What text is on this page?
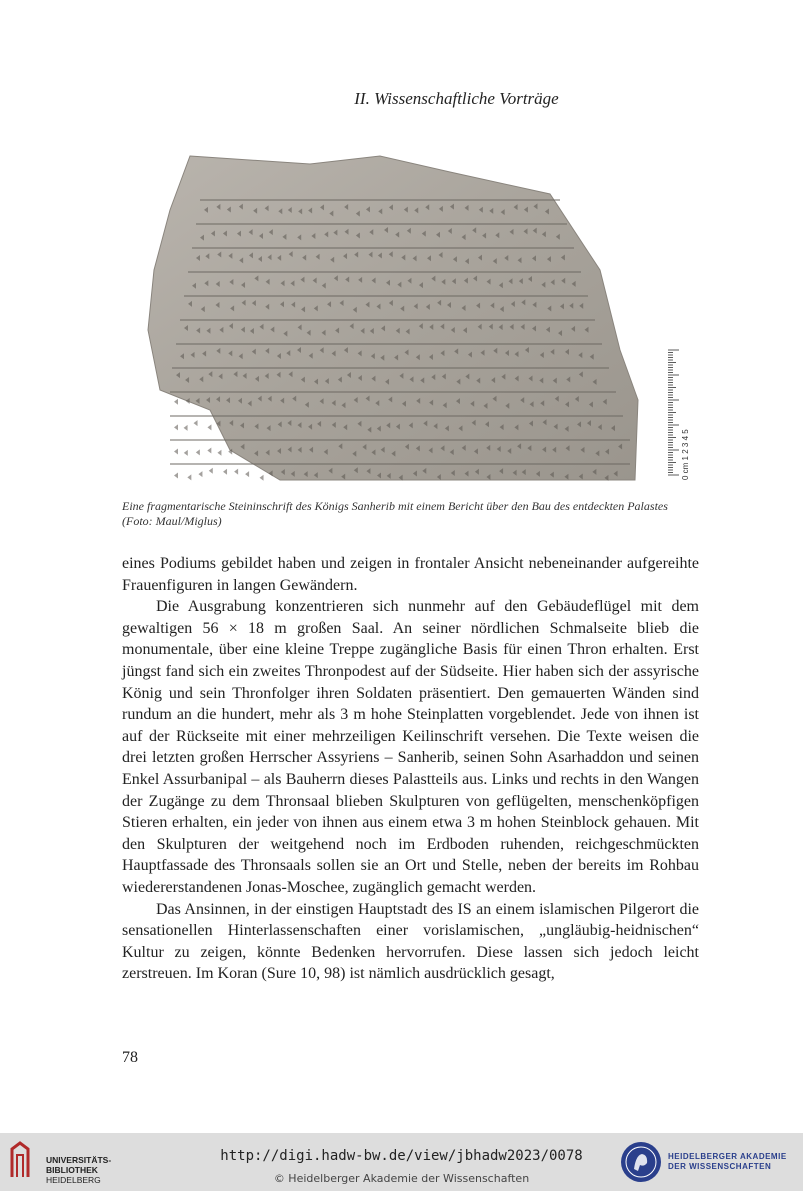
II. Wissenschaftliche Vorträge
0 cm 1 2 3 4 5
Eine fragmentarische Steininschrift des Königs Sanherib mit einem Bericht über den Bau des entdeckten Palastes
(Foto: Maul/Miglus)

eines Podiums gebildet haben und zeigen in frontaler Ansicht nebeneinander aufgereihte Frauenfiguren in langen Gewändern.

Die Ausgrabung konzentrieren sich nunmehr auf den Gebäudeflügel mit dem gewaltigen 56 × 18 m großen Saal. An seiner nördlichen Schmalseite blieb die monumentale, über eine kleine Treppe zugängliche Basis für einen Thron erhalten. Erst jüngst fand sich ein zweites Thronpodest auf der Südseite. Hier haben sich der assyrische König und sein Thronfolger ihren Soldaten präsentiert. Den gemauerten Wänden sind rundum an die hundert, mehr als 3 m hohe Steinplatten vorgeblendet. Jede von ihnen ist auf der Rückseite mit einer mehrzeiligen Keilinschrift versehen. Die Texte weisen die drei letzten großen Herrscher Assyriens – Sanherib, seinen Sohn Asarhaddon und seinen Enkel Assurbanipal – als Bauherrn dieses Palastteils aus. Links und rechts in den Wangen der Zugänge zu dem Thronsaal blieben Skulpturen von geflügelten, menschenköpfigen Stieren erhalten, ein jeder von ihnen aus einem etwa 3 m hohen Steinblock gehauen. Mit den Skulpturen der weitgehend noch im Erdboden ruhenden, reichgeschmückten Hauptfassade des Thronsaals sollen sie an Ort und Stelle, neben der bereits im Rohbau wiedererstandenen Jonas-Moschee, zugänglich gemacht werden.

Das Ansinnen, in der einstigen Hauptstadt des IS an einem islamischen Pilgerort die sensationellen Hinterlassenschaften einer vorislamischen, „ungläubig-heidnischen“ Kultur zu zeigen, könnte Bedenken hervorrufen. Diese lassen sich jedoch leicht zerstreuen. Im Koran (Sure 10, 98) ist nämlich ausdrücklich gesagt,

78
UNIVERSITÄTS-
BIBLIOTHEK
HEIDELBERG
http://digi.hadw-bw.de/view/jbhadw2023/0078
© Heidelberger Akademie der Wissenschaften
HEIDELBERGER AKADEMIE
DER WISSENSCHAFTEN
